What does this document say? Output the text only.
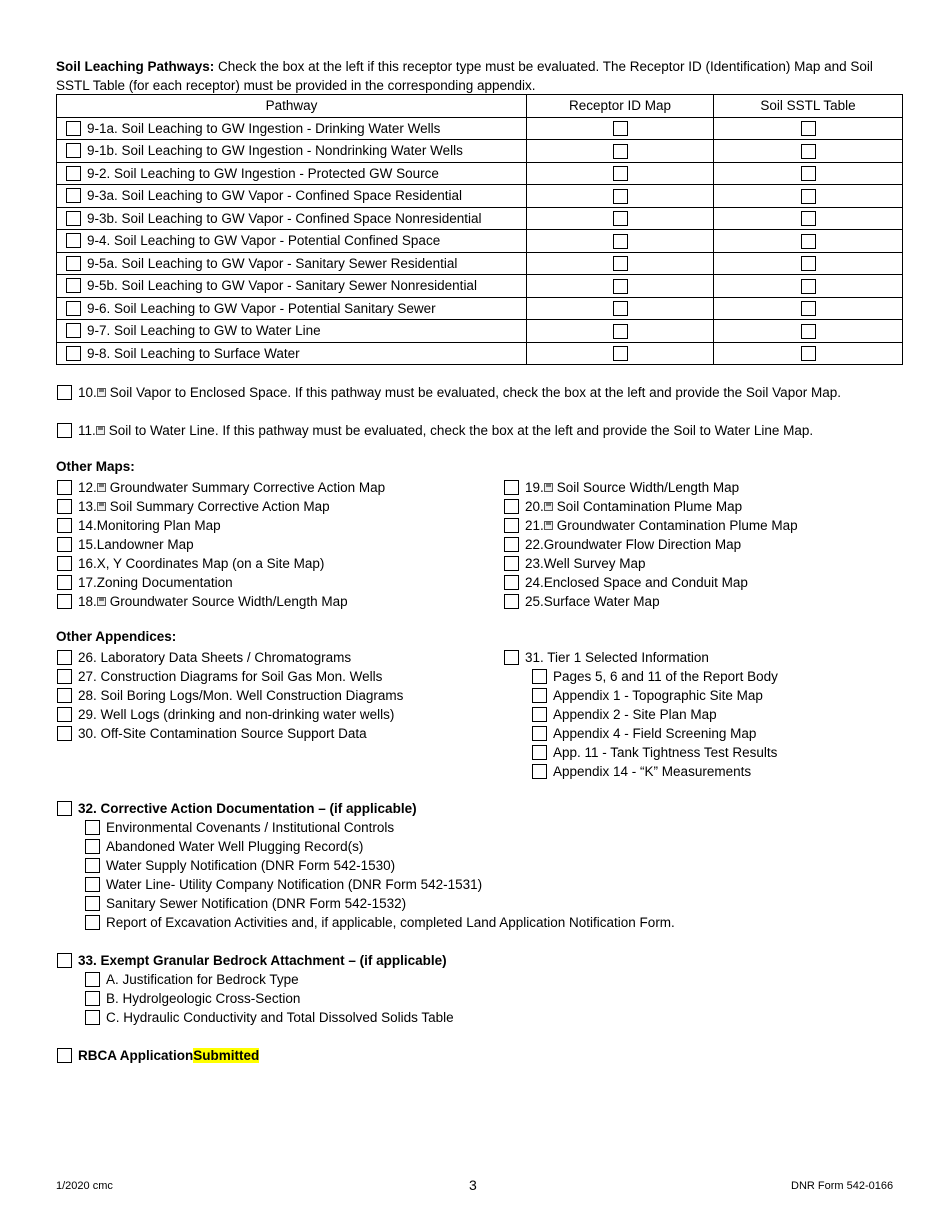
Soil Leaching Pathways: Check the box at the left if this receptor type must be evaluated. The Receptor ID (Identification) Map and Soil SSTL Table (for each receptor) must be provided in the corresponding appendix.
Pathway	Receptor ID Map	Soil SSTL Table

9-1a. Soil Leaching to GW Ingestion - Drinking Water Wells		

9-1b. Soil Leaching to GW Ingestion - Nondrinking Water Wells		

9-2. Soil Leaching to GW Ingestion - Protected GW Source		

9-3a. Soil Leaching to GW Vapor - Confined Space Residential		

9-3b. Soil Leaching to GW Vapor - Confined Space Nonresidential		

9-4. Soil Leaching to GW Vapor - Potential Confined Space		

9-5a. Soil Leaching to GW Vapor - Sanitary Sewer Residential		

9-5b. Soil Leaching to GW Vapor - Sanitary Sewer Nonresidential		

9-6. Soil Leaching to GW Vapor - Potential Sanitary Sewer		

9-7. Soil Leaching to GW to Water Line		

9-8. Soil Leaching to Surface Water		

10. Soil Vapor to Enclosed Space. If this pathway must be evaluated, check the box at the left and provide the Soil Vapor Map.
11. Soil to Water Line. If this pathway must be evaluated, check the box at the left and provide the Soil to Water Line Map.
Other Maps:
12. Groundwater Summary Corrective Action Map
13. Soil Summary Corrective Action Map
14. Monitoring Plan Map
15. Landowner Map
16. X, Y Coordinates Map (on a Site Map)
17. Zoning Documentation
18. Groundwater Source Width/Length Map
19. Soil Source Width/Length Map
20. Soil Contamination Plume Map
21. Groundwater Contamination Plume Map
22. Groundwater Flow Direction Map
23. Well Survey Map
24. Enclosed Space and Conduit Map
25. Surface Water Map
Other Appendices:
26. Laboratory Data Sheets / Chromatograms
27. Construction Diagrams for Soil Gas Mon. Wells
28. Soil Boring Logs/Mon. Well Construction Diagrams
29. Well Logs (drinking and non-drinking water wells)
30. Off-Site Contamination Source Support Data
31. Tier 1 Selected Information
Pages 5, 6 and 11 of the Report Body
Appendix 1 - Topographic Site Map
Appendix 2 - Site Plan Map
Appendix 4 - Field Screening Map
App. 11 - Tank Tightness Test Results
Appendix 14 - “K” Measurements
32. Corrective Action Documentation – (if applicable)
Environmental Covenants / Institutional Controls
Abandoned Water Well Plugging Record(s)
Water Supply Notification (DNR Form 542-1530)
Water Line- Utility Company Notification (DNR Form 542-1531)
Sanitary Sewer Notification (DNR Form 542-1532)
Report of Excavation Activities and, if applicable, completed Land Application Notification Form.
33. Exempt Granular Bedrock Attachment – (if applicable)
A. Justification for Bedrock Type
B. Hydrolgeologic Cross-Section
C. Hydraulic Conductivity and Total Dissolved Solids Table
RBCA Application Submitted
1/2020 cmc	3	DNR Form 542-0166
